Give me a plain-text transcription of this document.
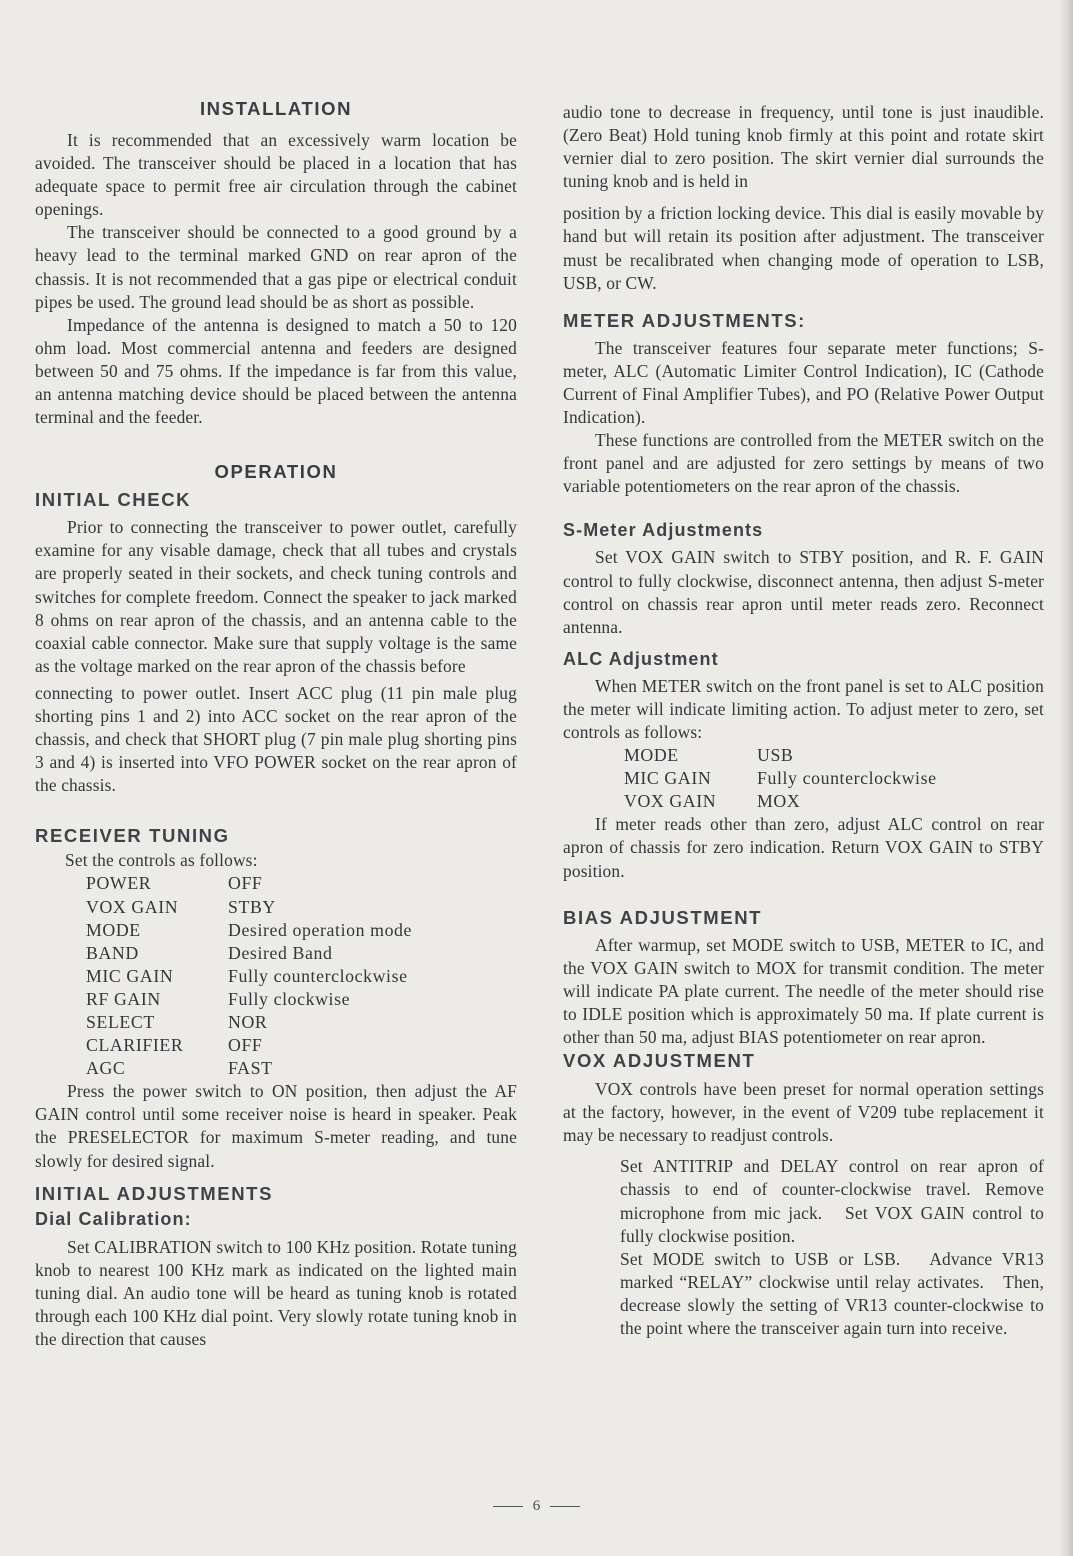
INSTALLATION

It is recommended that an excessively warm location be avoided. The transceiver should be placed in a location that has adequate space to permit free air circulation through the cabinet openings.

The transceiver should be connected to a good ground by a heavy lead to the terminal marked GND on rear apron of the chassis. It is not recommended that a gas pipe or electrical conduit pipes be used. The ground lead should be as short as possible.

Impedance of the antenna is designed to match a 50 to 120 ohm load. Most commercial antenna and feeders are designed between 50 and 75 ohms. If the impedance is far from this value, an antenna matching device should be placed between the antenna terminal and the feeder.

OPERATION
INITIAL CHECK

Prior to connecting the transceiver to power outlet, carefully examine for any visable damage, check that all tubes and crystals are properly seated in their sockets, and check tuning controls and switches for complete freedom. Connect the speaker to jack marked 8 ohms on rear apron of the chassis, and an antenna cable to the coaxial cable connector. Make sure that supply voltage is the same as the voltage marked on the rear apron of the chassis before

connecting to power outlet. Insert ACC plug (11 pin male plug shorting pins 1 and 2) into ACC socket on the rear apron of the chassis, and check that SHORT plug (7 pin male plug shorting pins 3 and 4) is inserted into VFO POWER socket on the rear apron of the chassis.

RECEIVER TUNING

Set the controls as follows:

POWER	OFF
VOX GAIN	STBY
MODE	Desired operation mode
BAND	Desired Band
MIC GAIN	Fully counterclockwise
RF GAIN	Fully clockwise
SELECT	NOR
CLARIFIER	OFF
AGC	FAST

Press the power switch to ON position, then adjust the AF GAIN control until some receiver noise is heard in speaker. Peak the PRESELECTOR for maximum S-meter reading, and tune slowly for desired signal.

INITIAL ADJUSTMENTS
Dial Calibration:

Set CALIBRATION switch to 100 KHz position. Rotate tuning knob to nearest 100 KHz mark as indicated on the lighted main tuning dial. An audio tone will be heard as tuning knob is rotated through each 100 KHz dial point. Very slowly rotate tuning knob in the direction that causes

audio tone to decrease in frequency, until tone is just inaudible. (Zero Beat) Hold tuning knob firmly at this point and rotate skirt vernier dial to zero position. The skirt vernier dial surrounds the tuning knob and is held in

position by a friction locking device. This dial is easily movable by hand but will retain its position after adjustment. The transceiver must be recalibrated when changing mode of operation to LSB, USB, or CW.

METER ADJUSTMENTS:

The transceiver features four separate meter functions; S-meter, ALC (Automatic Limiter Control Indication), IC (Cathode Current of Final Amplifier Tubes), and PO (Relative Power Output Indication).

These functions are controlled from the METER switch on the front panel and are adjusted for zero settings by means of two variable potentiometers on the rear apron of the chassis.

S-Meter Adjustments

Set VOX GAIN switch to STBY position, and R. F. GAIN control to fully clockwise, disconnect antenna, then adjust S-meter control on chassis rear apron until meter reads zero. Reconnect antenna.

ALC Adjustment

When METER switch on the front panel is set to ALC position the meter will indicate limiting action. To adjust meter to zero, set controls as follows:

MODE	USB
MIC GAIN	Fully counterclockwise
VOX GAIN	MOX

If meter reads other than zero, adjust ALC control on rear apron of chassis for zero indication. Return VOX GAIN to STBY position.

BIAS ADJUSTMENT

After warmup, set MODE switch to USB, METER to IC, and the VOX GAIN switch to MOX for transmit condition. The meter will indicate PA plate current. The needle of the meter should rise to IDLE position which is approximately 50 ma. If plate current is other than 50 ma, adjust BIAS potentiometer on rear apron.

VOX ADJUSTMENT

VOX controls have been preset for normal operation settings at the factory, however, in the event of V209 tube replacement it may be necessary to readjust controls.

Set ANTITRIP and DELAY control on rear apron of chassis to end of counter-clockwise travel. Remove microphone from mic jack.   Set VOX GAIN control to fully clockwise position.

Set MODE switch to USB or LSB.   Advance VR13 marked “RELAY” clockwise until relay activates.   Then, decrease slowly the setting of VR13 counter-clockwise to the point where the transceiver again turn into receive.

6
